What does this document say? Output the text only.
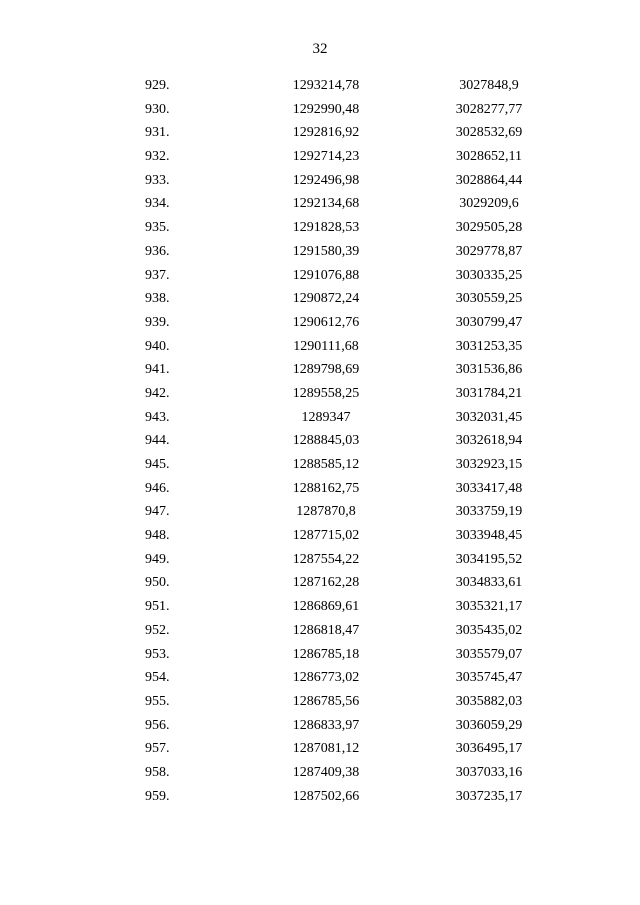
32
929.	1293214,78	3027848,9
930.	1292990,48	3028277,77
931.	1292816,92	3028532,69
932.	1292714,23	3028652,11
933.	1292496,98	3028864,44
934.	1292134,68	3029209,6
935.	1291828,53	3029505,28
936.	1291580,39	3029778,87
937.	1291076,88	3030335,25
938.	1290872,24	3030559,25
939.	1290612,76	3030799,47
940.	1290111,68	3031253,35
941.	1289798,69	3031536,86
942.	1289558,25	3031784,21
943.	1289347	3032031,45
944.	1288845,03	3032618,94
945.	1288585,12	3032923,15
946.	1288162,75	3033417,48
947.	1287870,8	3033759,19
948.	1287715,02	3033948,45
949.	1287554,22	3034195,52
950.	1287162,28	3034833,61
951.	1286869,61	3035321,17
952.	1286818,47	3035435,02
953.	1286785,18	3035579,07
954.	1286773,02	3035745,47
955.	1286785,56	3035882,03
956.	1286833,97	3036059,29
957.	1287081,12	3036495,17
958.	1287409,38	3037033,16
959.	1287502,66	3037235,17
